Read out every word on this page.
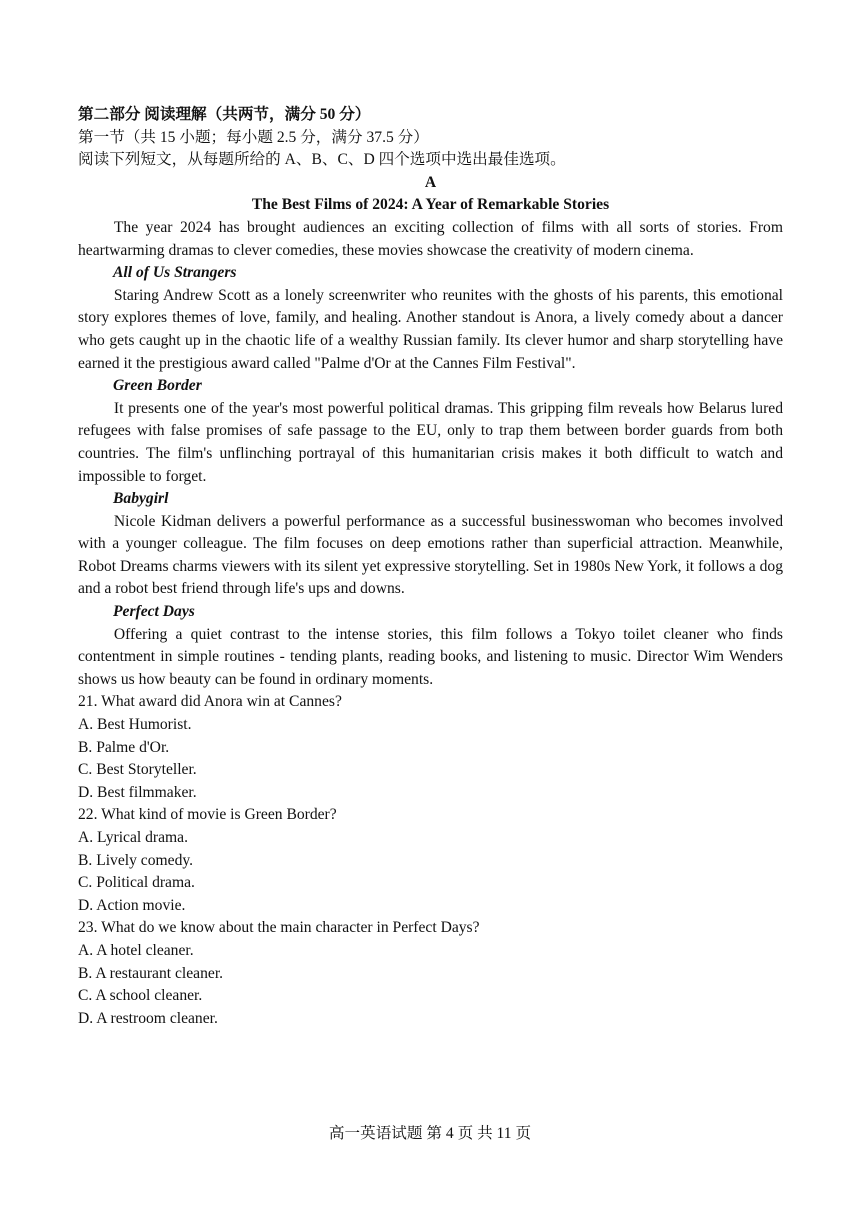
第二部分 阅读理解（共两节，满分 50 分）

第一节（共 15 小题；每小题 2.5 分，满分 37.5 分）

阅读下列短文，从每题所给的 A、B、C、D 四个选项中选出最佳选项。

A

The Best Films of 2024: A Year of Remarkable Stories

The year 2024 has brought audiences an exciting collection of films with all sorts of stories. From heartwarming dramas to clever comedies, these movies showcase the creativity of modern cinema.

All of Us Strangers

Staring Andrew Scott as a lonely screenwriter who reunites with the ghosts of his parents, this emotional story explores themes of love, family, and healing. Another standout is Anora, a lively comedy about a dancer who gets caught up in the chaotic life of a wealthy Russian family. Its clever humor and sharp storytelling have earned it the prestigious award called "Palme d'Or at the Cannes Film Festival".

Green Border

It presents one of the year's most powerful political dramas. This gripping film reveals how Belarus lured refugees with false promises of safe passage to the EU, only to trap them between border guards from both countries. The film's unflinching portrayal of this humanitarian crisis makes it both difficult to watch and impossible to forget.

Babygirl

Nicole Kidman delivers a powerful performance as a successful businesswoman who becomes involved with a younger colleague. The film focuses on deep emotions rather than superficial attraction. Meanwhile, Robot Dreams charms viewers with its silent yet expressive storytelling. Set in 1980s New York, it follows a dog and a robot best friend through life's ups and downs.

Perfect Days

Offering a quiet contrast to the intense stories, this film follows a Tokyo toilet cleaner who finds contentment in simple routines - tending plants, reading books, and listening to music. Director Wim Wenders shows us how beauty can be found in ordinary moments.

21. What award did Anora win at Cannes?

A. Best Humorist.

B. Palme d'Or.

C. Best Storyteller.

D. Best filmmaker.

22. What kind of movie is Green Border?

A. Lyrical drama.

B. Lively comedy.

C. Political drama.

D. Action movie.

23. What do we know about the main character in Perfect Days?

A. A hotel cleaner.

B. A restaurant cleaner.

C. A school cleaner.

D. A restroom cleaner.

高一英语试题 第 4 页 共 11 页
